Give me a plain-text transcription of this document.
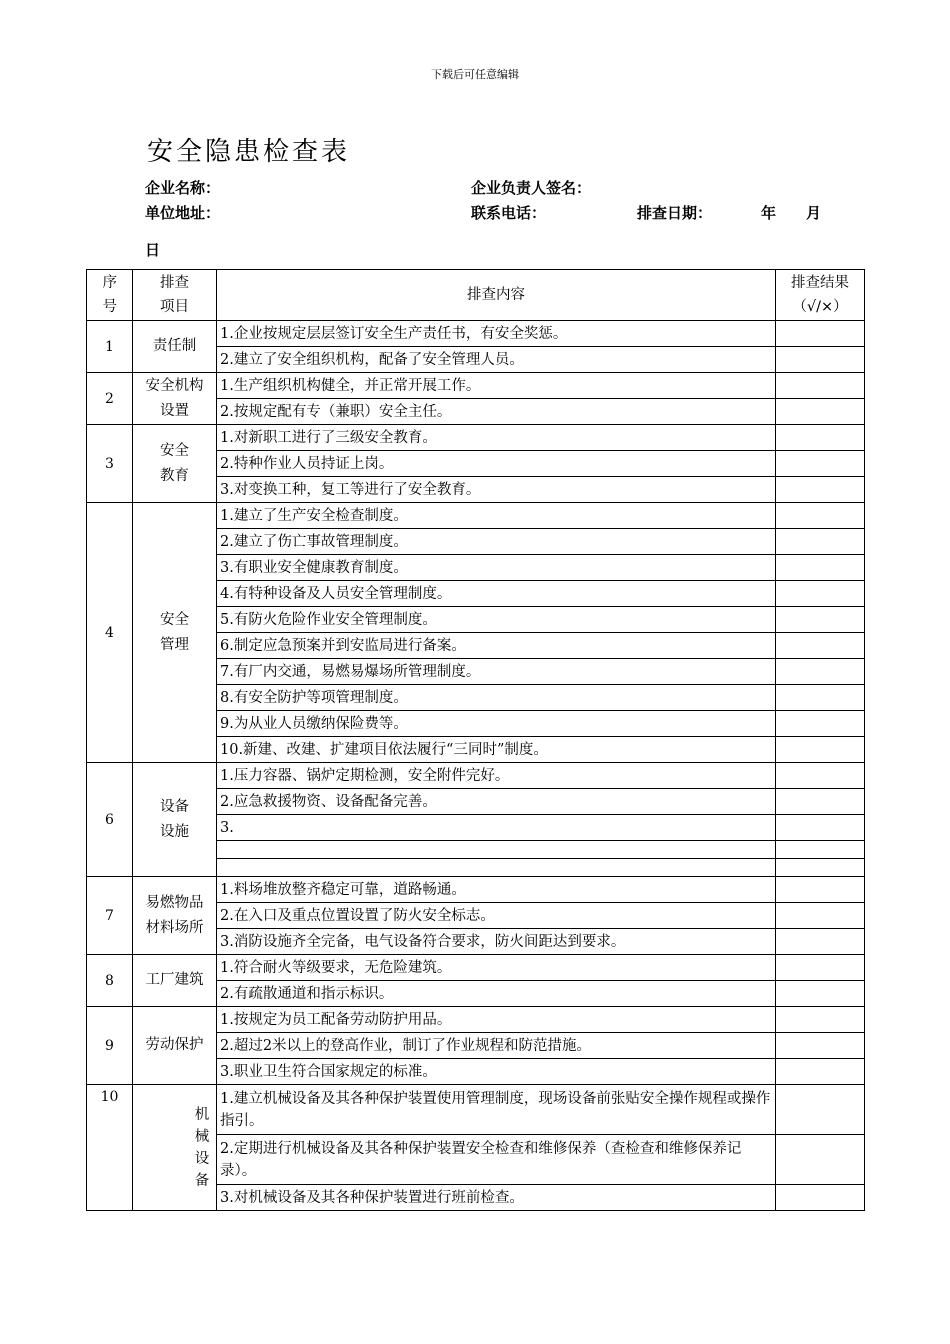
下载后可任意编辑
安全隐患检查表
企业名称：	企业负责人签名：
单位地址：	联系电话：	排查日期：	年 月
日
序号	排查项目	排查内容	排查结果（√/×）

1	责任制	1.企业按规定层层签订安全生产责任书，有安全奖惩。	
		2.建立了安全组织机构，配备了安全管理人员。	
2	安全机构设置	1.生产组织机构健全，并正常开展工作。	
		2.按规定配有专（兼职）安全主任。	
3	安全教育	1.对新职工进行了三级安全教育。	
		2.特种作业人员持证上岗。	
		3.对变换工种，复工等进行了安全教育。	
4	安全管理	1.建立了生产安全检查制度。	
		2.建立了伤亡事故管理制度。	
		3.有职业安全健康教育制度。	
		4.有特种设备及人员安全管理制度。	
		5.有防火危险作业安全管理制度。	
		6.制定应急预案并到安监局进行备案。	
		7.有厂内交通，易燃易爆场所管理制度。	
		8.有安全防护等项管理制度。	
		9.为从业人员缴纳保险费等。	
		10.新建、改建、扩建项目依法履行“三同时”制度。	
6	设备设施	1.压力容器、锅炉定期检测，安全附件完好。	
		2.应急救援物资、设备配备完善。	
		3.	

7	易燃物品材料场所	1.料场堆放整齐稳定可靠，道路畅通。	
		2.在入口及重点位置设置了防火安全标志。	
		3.消防设施齐全完备，电气设备符合要求，防火间距达到要求。	
8	工厂建筑	1.符合耐火等级要求，无危险建筑。	
		2.有疏散通道和指示标识。	
9	劳动保护	1.按规定为员工配备劳动防护用品。	
		2.超过2米以上的登高作业，制订了作业规程和防范措施。	
		3.职业卫生符合国家规定的标准。	
10	机械设备	1.建立机械设备及其各种保护装置使用管理制度，现场设备前张贴安全操作规程或操作指引。	
		2.定期进行机械设备及其各种保护装置安全检查和维修保养（查检查和维修保养记录）。	
		3.对机械设备及其各种保护装置进行班前检查。	
